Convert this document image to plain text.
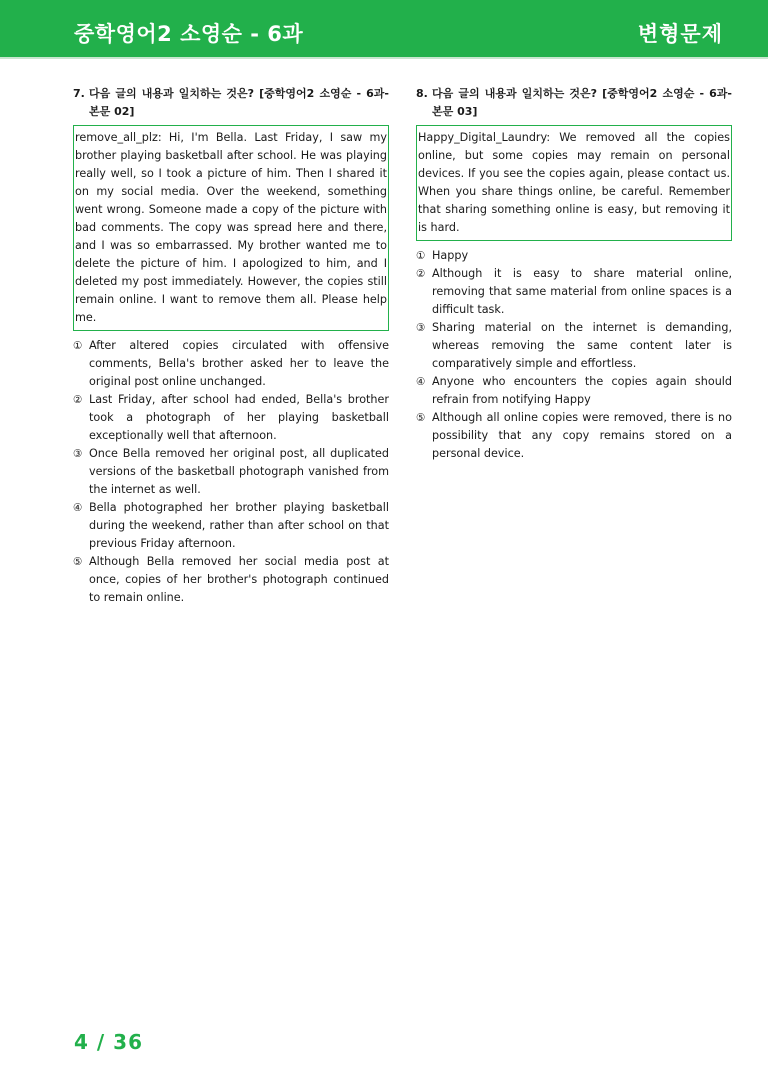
중학영어2 소영순 - 6과	변형문제
7. 다음 글의 내용과 일치하는 것은? [중학영어2 소영순 - 6과-본문 02]
remove_all_plz: Hi, I'm Bella. Last Friday, I saw my brother playing basketball after school. He was playing really well, so I took a picture of him. Then I shared it on my social media. Over the weekend, something went wrong. Someone made a copy of the picture with bad comments. The copy was spread here and there, and I was so embarrassed. My brother wanted me to delete the picture of him. I apologized to him, and I deleted my post immediately. However, the copies still remain online. I want to remove them all. Please help me.
① After altered copies circulated with offensive comments, Bella's brother asked her to leave the original post online unchanged.
② Last Friday, after school had ended, Bella's brother took a photograph of her playing basketball exceptionally well that afternoon.
③ Once Bella removed her original post, all duplicated versions of the basketball photograph vanished from the internet as well.
④ Bella photographed her brother playing basketball during the weekend, rather than after school on that previous Friday afternoon.
⑤ Although Bella removed her social media post at once, copies of her brother's photograph continued to remain online.
8. 다음 글의 내용과 일치하는 것은? [중학영어2 소영순 - 6과-본문 03]
Happy_Digital_Laundry: We removed all the copies online, but some copies may remain on personal devices. If you see the copies again, please contact us. When you share things online, be careful. Remember that sharing something online is easy, but removing it is hard.
① Happy
② Although it is easy to share material online, removing that same material from online spaces is a difficult task.
③ Sharing material on the internet is demanding, whereas removing the same content later is comparatively simple and effortless.
④ Anyone who encounters the copies again should refrain from notifying Happy
⑤ Although all online copies were removed, there is no possibility that any copy remains stored on a personal device.
4 / 36
